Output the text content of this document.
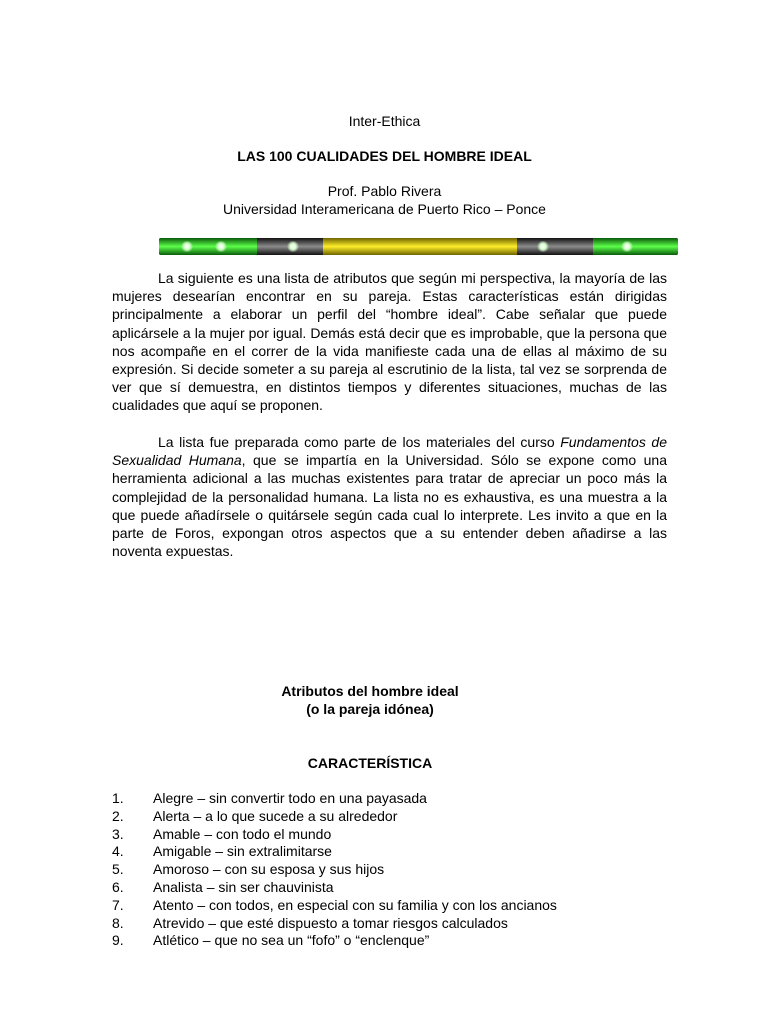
Inter-Ethica
LAS 100 CUALIDADES DEL HOMBRE IDEAL
Prof. Pablo Rivera
Universidad Interamericana de Puerto Rico – Ponce
La siguiente es una lista de atributos que según mi perspectiva, la mayoría de las mujeres desearían encontrar en su pareja. Estas características están dirigidas principalmente a elaborar un perfil del “hombre ideal”. Cabe señalar que puede aplicársele a la mujer por igual. Demás está decir que es improbable, que la persona que nos acompañe en el correr de la vida manifieste cada una de ellas al máximo de su expresión. Si decide someter a su pareja al escrutinio de la lista, tal vez se sorprenda de ver que sí demuestra, en distintos tiempos y diferentes situaciones, muchas de las cualidades que aquí se proponen.
La lista fue preparada como parte de los materiales del curso Fundamentos de Sexualidad Humana, que se impartía en la Universidad. Sólo se expone como una herramienta adicional a las muchas existentes para tratar de apreciar un poco más la complejidad de la personalidad humana. La lista no es exhaustiva, es una muestra a la que puede añadírsele o quitársele según cada cual lo interprete. Les invito a que en la parte de Foros, expongan otros aspectos que a su entender deben añadirse a las noventa expuestas.
Atributos del hombre ideal
(o la pareja idónea)
CARACTERÍSTICA
1. Alegre – sin convertir todo en una payasada
2. Alerta – a lo que sucede a su alrededor
3. Amable – con todo el mundo
4. Amigable – sin extralimitarse
5. Amoroso – con su esposa y sus hijos
6. Analista – sin ser chauvinista
7. Atento – con todos, en especial con su familia y con los ancianos
8. Atrevido – que esté dispuesto a tomar riesgos calculados
9. Atlético – que no sea un “fofo” o “enclenque”
